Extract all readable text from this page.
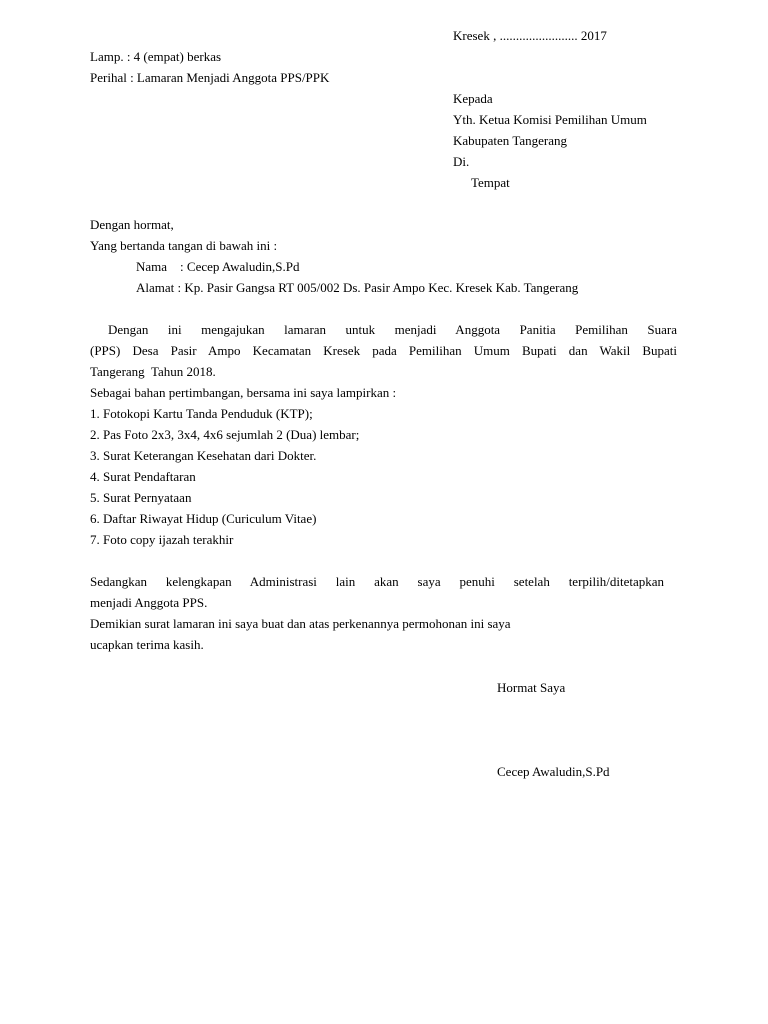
Kresek , ........................ 2017
Lamp. : 4 (empat) berkas
Perihal : Lamaran Menjadi Anggota PPS/PPK
Kepada
Yth. Ketua Komisi Pemilihan Umum
Kabupaten Tangerang
Di.
Tempat
Dengan hormat,
Yang bertanda tangan di bawah ini :
Nama    : Cecep Awaludin,S.Pd
Alamat : Kp. Pasir Gangsa RT 005/002 Ds. Pasir Ampo Kec. Kresek Kab. Tangerang
Dengan ini mengajukan lamaran untuk menjadi Anggota Panitia Pemilihan Suara
(PPS) Desa Pasir Ampo Kecamatan Kresek pada Pemilihan Umum Bupati dan Wakil Bupati
Tangerang  Tahun 2018.
Sebagai bahan pertimbangan, bersama ini saya lampirkan :
1. Fotokopi Kartu Tanda Penduduk (KTP);
2. Pas Foto 2x3, 3x4, 4x6 sejumlah 2 (Dua) lembar;
3. Surat Keterangan Kesehatan dari Dokter.
4. Surat Pendaftaran
5. Surat Pernyataan
6. Daftar Riwayat Hidup (Curiculum Vitae)
7. Foto copy ijazah terakhir
Sedangkan kelengkapan Administrasi lain akan saya penuhi setelah terpilih/ditetapkan
menjadi Anggota PPS.
Demikian surat lamaran ini saya buat dan atas perkenannya permohonan ini saya
ucapkan terima kasih.
Hormat Saya
Cecep Awaludin,S.Pd
